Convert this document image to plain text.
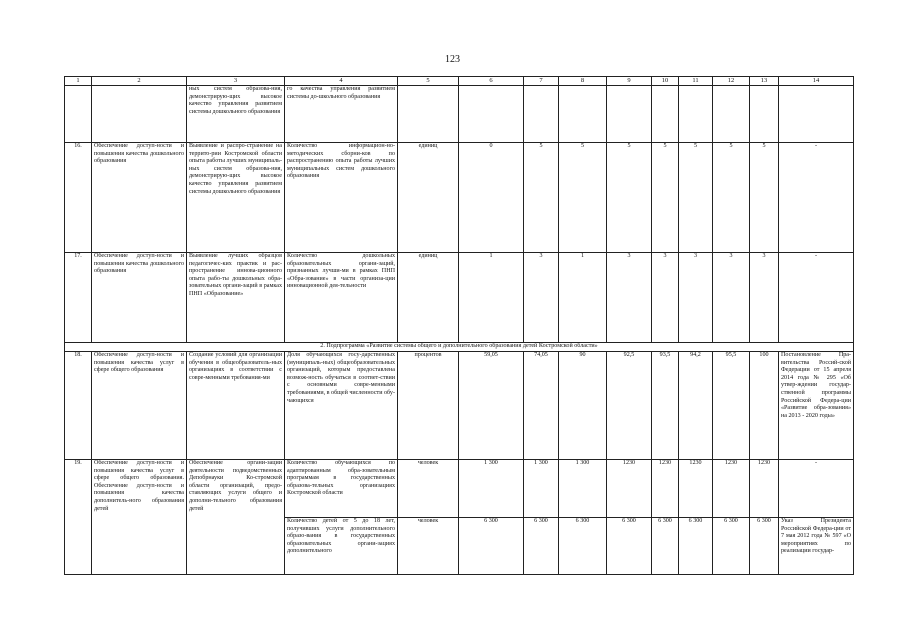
123
1	2	3	4	5	6	7	8	9	10	11	12	13	14
		ных систем образова-ния, демонстрирую-щих высокое качество управления развитием системы дошкольного образования	го качества управления развитием системы до-школьного образования										
16.	Обеспечение доступ-ности и повышения качества дошкольного образования	Выявление и распро-странение на террито-рии Костромской области опыта работы лучших муниципаль-ных систем образова-ния, демонстрирую-щих высокое качество управления развитием системы дошкольного образования	Количество информацион-но-методических сборни-ков по распространению опыта работы лучших муниципальных систем дошкольного образования	единиц	0	5	5	5	5	5	5	5	-
17.	Обеспечение доступ-ности и повышения качества дошкольного образования	Выявление лучших образцов педагогичес-ких практик и рас-пространение иннова-ционного опыта рабо-ты дошкольных обра-зовательных органи-заций в рамках ПНП «Образование»	Количество дошкольных образовательных органи-заций, признанных лучши-ми в рамках ПНП «Обра-зование» в части организа-ции инновационной дея-тельности	единиц	1	3	1	3	3	3	3	3	-
2. Подпрограмма «Развитие системы общего и дополнительного образования детей Костромской области»													
18.	Обеспечение доступ-ности и повышения качества услуг в сфере общего образования	Создание условий для организации обучения в общеобразователь-ных организациях в соответствии с совре-менными требования-ми	Доля обучающихся госу-дарственных (муниципаль-ных) общеобразовательных организаций, которым предоставлена возмож-ность обучаться в соответ-ствии с основными совре-менными требованиями, в общей численности обу-чающихся	процентов	59,05	74,05	90	92,5	93,5	94,2	95,5	100	Постановление Пра-вительства Россий-ской Федерации от 15 апреля 2014 года № 295 «Об утвер-ждении государ-ственной программы Российской Федера-ции «Развитие обра-зования» на 2013 - 2020 годы»
19.	Обеспечение доступ-ности и повышения качества услуг в сфере общего образования. Обеспечение доступ-ности и повышения качества дополнитель-ного образования детей	Обеспечение органи-зации деятельности подведомственных Депобрнауки Ко-стромской области организаций, предо-ставляющих услуги общего и дополни-тельного образования детей	Количество обучающихся по адаптированным обра-зовательным программам в государственных образова-тельных организациях Костромской области	человек	1 300	1 300	1 300	1230	1230	1230	1230	1230	-
			Количество детей от 5 до 18 лет, получивших услуги дополнительного образо-вания в государственных образовательных органи-зациях дополнительного	человек	6 300	6 300	6 300	6 300	6 300	6 300	6 300	6 300	Указ Президента Российской Федера-ции от 7 мая 2012 года № 597 «О мероприятиях по реализации государ-
